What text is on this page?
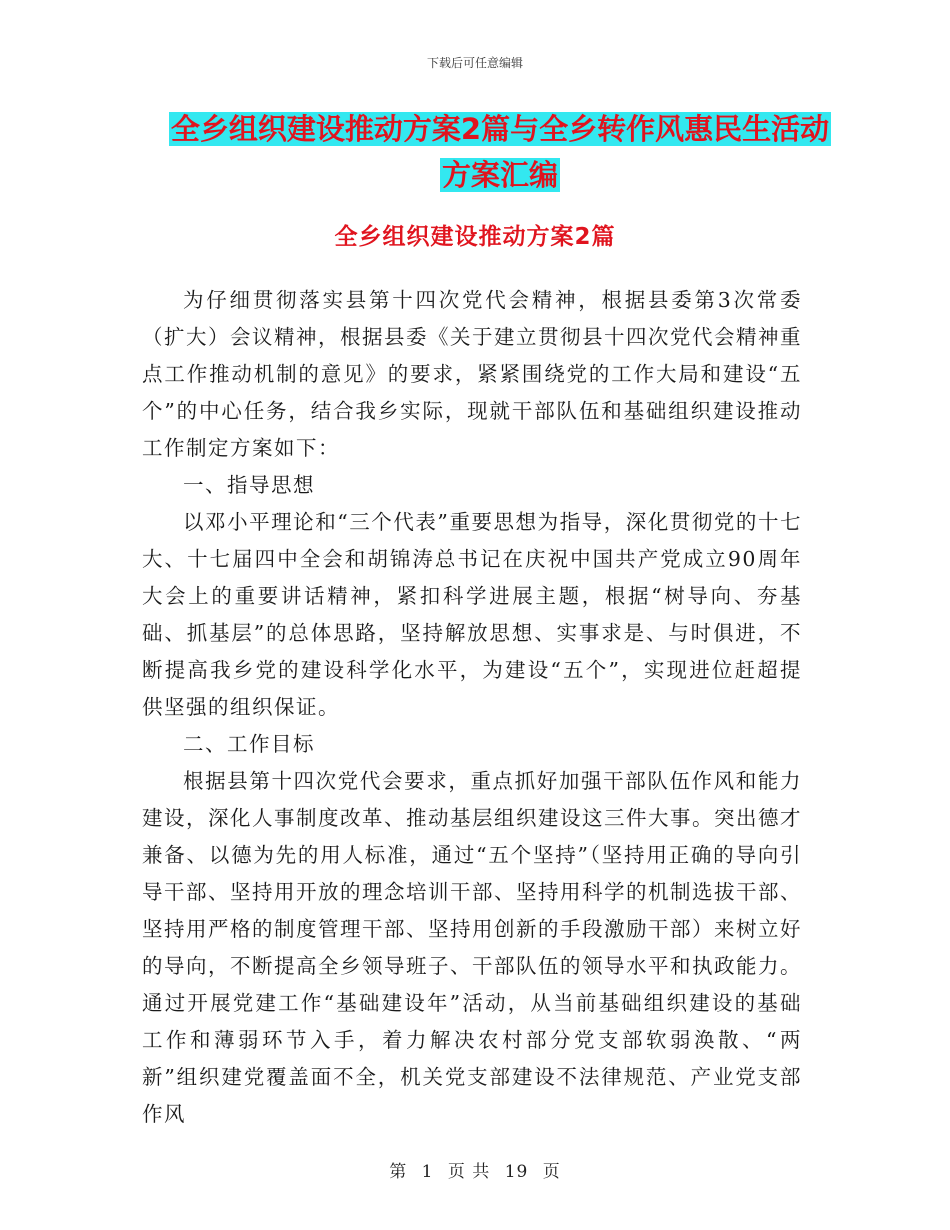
下载后可任意编辑
全乡组织建设推动方案2篇与全乡转作风惠民生活动
方案汇编
全乡组织建设推动方案2篇

为仔细贯彻落实县第十四次党代会精神，根据县委第3次常委（扩大）会议精神，根据县委《关于建立贯彻县十四次党代会精神重点工作推动机制的意见》的要求，紧紧围绕党的工作大局和建设“五个”的中心任务，结合我乡实际，现就干部队伍和基础组织建设推动工作制定方案如下：

一、指导思想

以邓小平理论和“三个代表”重要思想为指导，深化贯彻党的十七大、十七届四中全会和胡锦涛总书记在庆祝中国共产党成立90周年大会上的重要讲话精神，紧扣科学进展主题，根据“树导向、夯基础、抓基层”的总体思路，坚持解放思想、实事求是、与时俱进，不断提高我乡党的建设科学化水平，为建设“五个”，实现进位赶超提供坚强的组织保证。

二、工作目标

根据县第十四次党代会要求，重点抓好加强干部队伍作风和能力建设，深化人事制度改革、推动基层组织建设这三件大事。突出德才兼备、以德为先的用人标准，通过“五个坚持”（坚持用正确的导向引导干部、坚持用开放的理念培训干部、坚持用科学的机制选拔干部、坚持用严格的制度管理干部、坚持用创新的手段激励干部）来树立好的导向，不断提高全乡领导班子、干部队伍的领导水平和执政能力。通过开展党建工作“基础建设年”活动，从当前基础组织建设的基础工作和薄弱环节入手，着力解决农村部分党支部软弱涣散、“两新”组织建党覆盖面不全，机关党支部建设不法律规范、产业党支部作风

第 1 页 共 19 页
